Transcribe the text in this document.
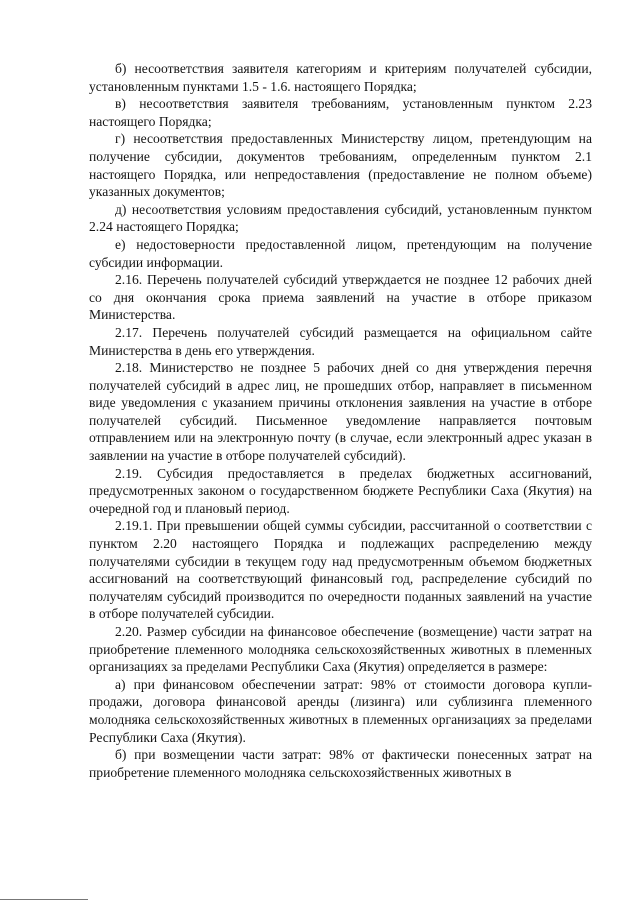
б) несоответствия заявителя категориям и критериям получателей субсидии, установленным пунктами 1.5 - 1.6. настоящего Порядка;

в) несоответствия заявителя требованиям, установленным пунктом 2.23 настоящего Порядка;

г) несоответствия предоставленных Министерству лицом, претендующим на получение субсидии, документов требованиям, определенным пунктом 2.1 настоящего Порядка, или непредоставления (предоставление не полном объеме) указанных документов;

д) несоответствия условиям предоставления субсидий, установленным пунктом 2.24 настоящего Порядка;

е) недостоверности предоставленной лицом, претендующим на получение субсидии информации.

2.16. Перечень получателей субсидий утверждается не позднее 12 рабочих дней со дня окончания срока приема заявлений на участие в отборе приказом Министерства.

2.17. Перечень получателей субсидий размещается на официальном сайте Министерства в день его утверждения.

2.18. Министерство не позднее 5 рабочих дней со дня утверждения перечня получателей субсидий в адрес лиц, не прошедших отбор, направляет в письменном виде уведомления с указанием причины отклонения заявления на участие в отборе получателей субсидий. Письменное уведомление направляется почтовым отправлением или на электронную почту (в случае, если электронный адрес указан в заявлении на участие в отборе получателей субсидий).

2.19. Субсидия предоставляется в пределах бюджетных ассигнований, предусмотренных законом о государственном бюджете Республики Саха (Якутия) на очередной год и плановый период.

2.19.1. При превышении общей суммы субсидии, рассчитанной о соответствии с пунктом 2.20 настоящего Порядка и подлежащих распределению между получателями субсидии в текущем году над предусмотренным объемом бюджетных ассигнований на соответствующий финансовый год, распределение субсидий по получателям субсидий производится по очередности поданных заявлений на участие в отборе получателей субсидии.

2.20. Размер субсидии на финансовое обеспечение (возмещение) части затрат на приобретение племенного молодняка сельскохозяйственных животных в племенных организациях за пределами Республики Саха (Якутия) определяется в размере:

а) при финансовом обеспечении затрат: 98% от стоимости договора купли-продажи, договора финансовой аренды (лизинга) или сублизинга племенного молодняка сельскохозяйственных животных в племенных организациях за пределами Республики Саха (Якутия).

б) при возмещении части затрат: 98% от фактически понесенных затрат на приобретение племенного молодняка сельскохозяйственных животных в
